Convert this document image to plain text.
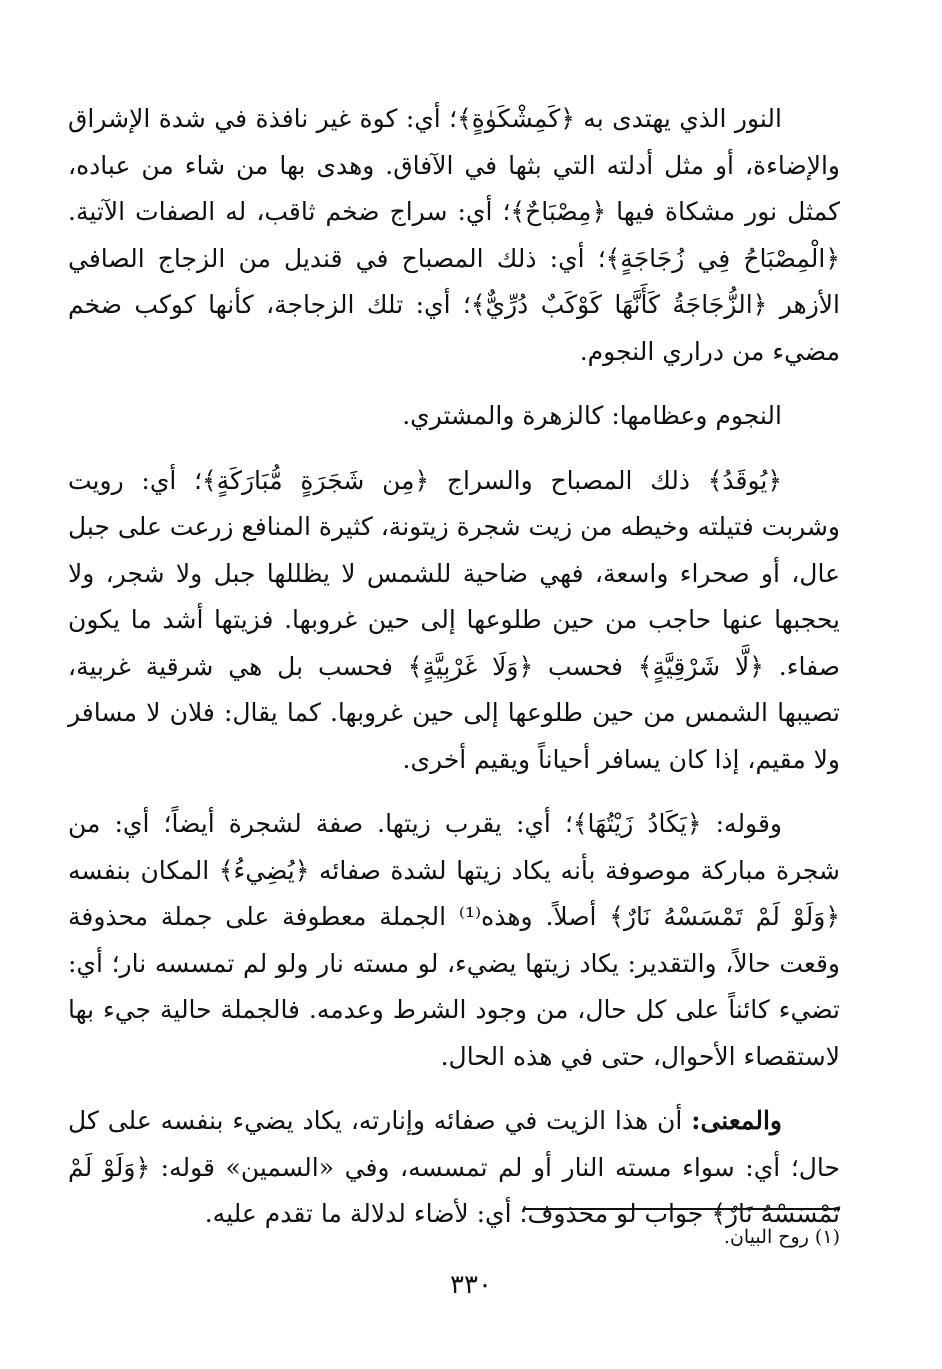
النور الذي يهتدى به ﴿كَمِشْكَوٰةٍ﴾؛ أي: كوة غير نافذة في شدة الإشراق والإضاءة، أو مثل أدلته التي بثها في الآفاق. وهدى بها من شاء من عباده، كمثل نور مشكاة فيها ﴿مِصْبَاحٌ﴾؛ أي: سراج ضخم ثاقب، له الصفات الآتية. ﴿الْمِصْبَاحُ فِي زُجَاجَةٍ﴾؛ أي: ذلك المصباح في قنديل من الزجاج الصافي الأزهر ﴿الزُّجَاجَةُ كَأَنَّهَا كَوْكَبٌ دُرِّيٌّ﴾؛ أي: تلك الزجاجة، كأنها كوكب ضخم مضيء من دراري النجوم.

النجوم وعظامها: كالزهرة والمشتري.

﴿يُوقَدُ﴾ ذلك المصباح والسراج ﴿مِن شَجَرَةٍ مُّبَارَكَةٍ﴾؛ أي: رويت وشربت فتيلته وخيطه من زيت شجرة زيتونة، كثيرة المنافع زرعت على جبل عال، أو صحراء واسعة، فهي ضاحية للشمس لا يظللها جبل ولا شجر، ولا يحجبها عنها حاجب من حين طلوعها إلى حين غروبها. فزيتها أشد ما يكون صفاء. ﴿لَّا شَرْقِيَّةٍ﴾ فحسب ﴿وَلَا غَرْبِيَّةٍ﴾ فحسب بل هي شرقية غربية، تصيبها الشمس من حين طلوعها إلى حين غروبها. كما يقال: فلان لا مسافر ولا مقيم، إذا كان يسافر أحياناً ويقيم أخرى.

وقوله: ﴿يَكَادُ زَيْتُهَا﴾؛ أي: يقرب زيتها. صفة لشجرة أيضاً؛ أي: من شجرة مباركة موصوفة بأنه يكاد زيتها لشدة صفائه ﴿يُضِيءُ﴾ المكان بنفسه ﴿وَلَوْ لَمْ تَمْسَسْهُ نَارٌ﴾ أصلاً. وهذه⁽¹⁾ الجملة معطوفة على جملة محذوفة وقعت حالاً، والتقدير: يكاد زيتها يضيء، لو مسته نار ولو لم تمسسه نار؛ أي: تضيء كائناً على كل حال، من وجود الشرط وعدمه. فالجملة حالية جيء بها لاستقصاء الأحوال، حتى في هذه الحال.

والمعنى: أن هذا الزيت في صفائه وإنارته، يكاد يضيء بنفسه على كل حال؛ أي: سواء مسته النار أو لم تمسسه، وفي «السمين» قوله: ﴿وَلَوْ لَمْ تَمْسَسْهُ نَارٌ﴾ جواب لو محذوف؛ أي: لأضاء لدلالة ما تقدم عليه.

(١) روح البيان.
٣٣٠
